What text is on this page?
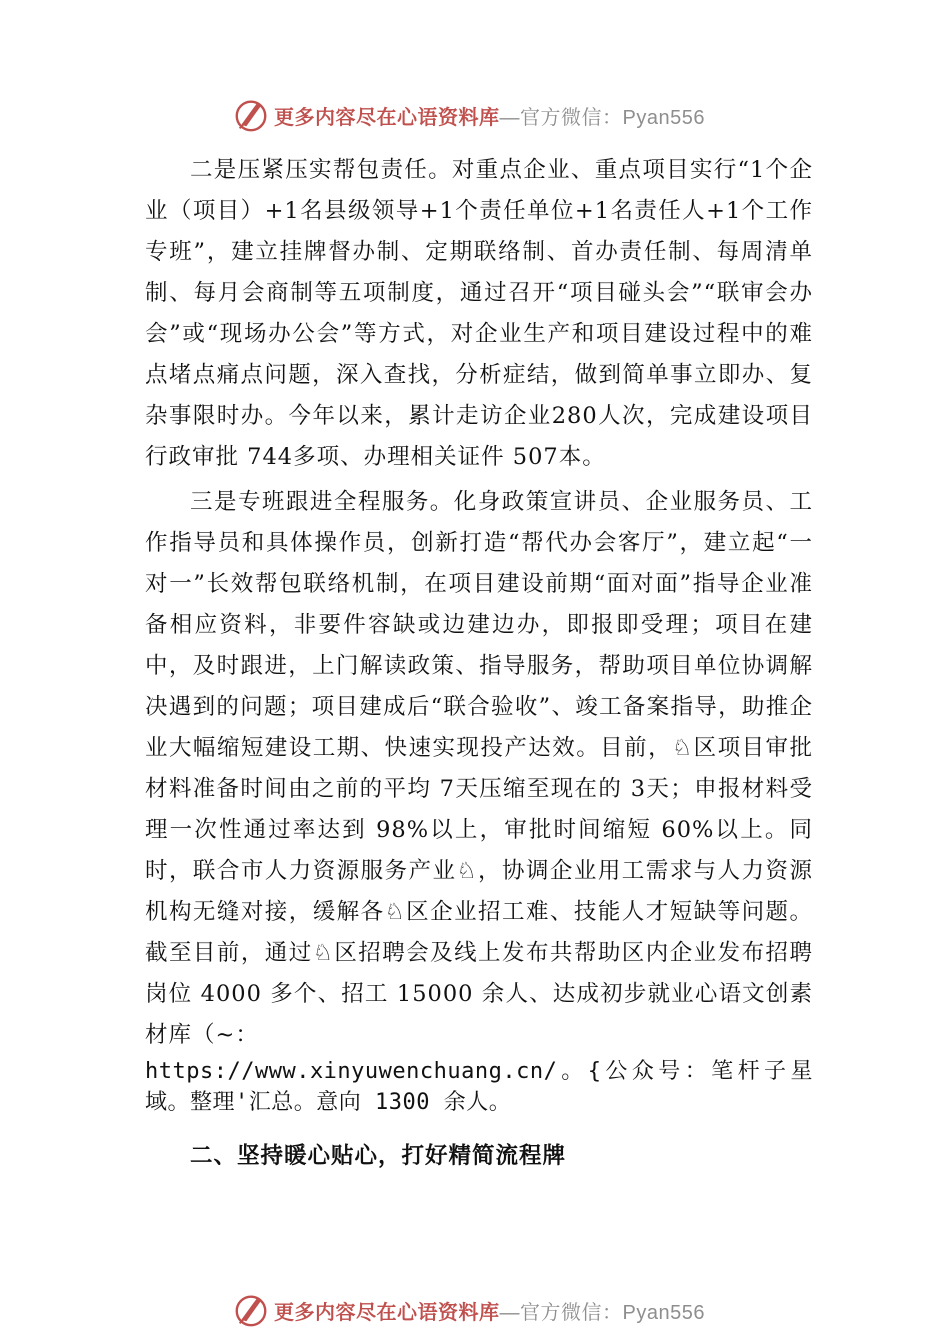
更多内容尽在心语资料库—官方微信：Pyan556

二是压紧压实帮包责任。对重点企业、重点项目实行“1个企业（项目）+1名县级领导+1个责任单位+1名责任人+1个工作专班”，建立挂牌督办制、定期联络制、首办责任制、每周清单制、每月会商制等五项制度，通过召开“项目碰头会”“联审会办会”或“现场办公会”等方式，对企业生产和项目建设过程中的难点堵点痛点问题，深入查找，分析症结，做到简单事立即办、复杂事限时办。今年以来，累计走访企业280人次，完成建设项目行政审批 744多项、办理相关证件 507本。

三是专班跟进全程服务。化身政策宣讲员、企业服务员、工作指导员和具体操作员，创新打造“帮代办会客厅”，建立起“一对一”长效帮包联络机制，在项目建设前期“面对面”指导企业准备相应资料，非要件容缺或边建边办，即报即受理；项目在建中，及时跟进，上门解读政策、指导服务，帮助项目单位协调解决遇到的问题；项目建成后“联合验收”、竣工备案指导，助推企业大幅缩短建设工期、快速实现投产达效。目前，♘区项目审批材料准备时间由之前的平均 7天压缩至现在的 3天；申报材料受理一次性通过率达到 98%以上，审批时间缩短 60%以上。同时，联合市人力资源服务产业♘，协调企业用工需求与人力资源机构无缝对接，缓解各♘区企业招工难、技能人才短缺等问题。截至目前，通过♘区招聘会及线上发布共帮助区内企业发布招聘岗位 4000 多个、招工 15000 余人、达成初步就业心语文创素材库（~：

https://www.xinyuwenchuang.cn/。{公众号：笔杆子星域。整理'汇总。意向 1300 余人。

二、坚持暖心贴心，打好精简流程牌
更多内容尽在心语资料库—官方微信：Pyan556
